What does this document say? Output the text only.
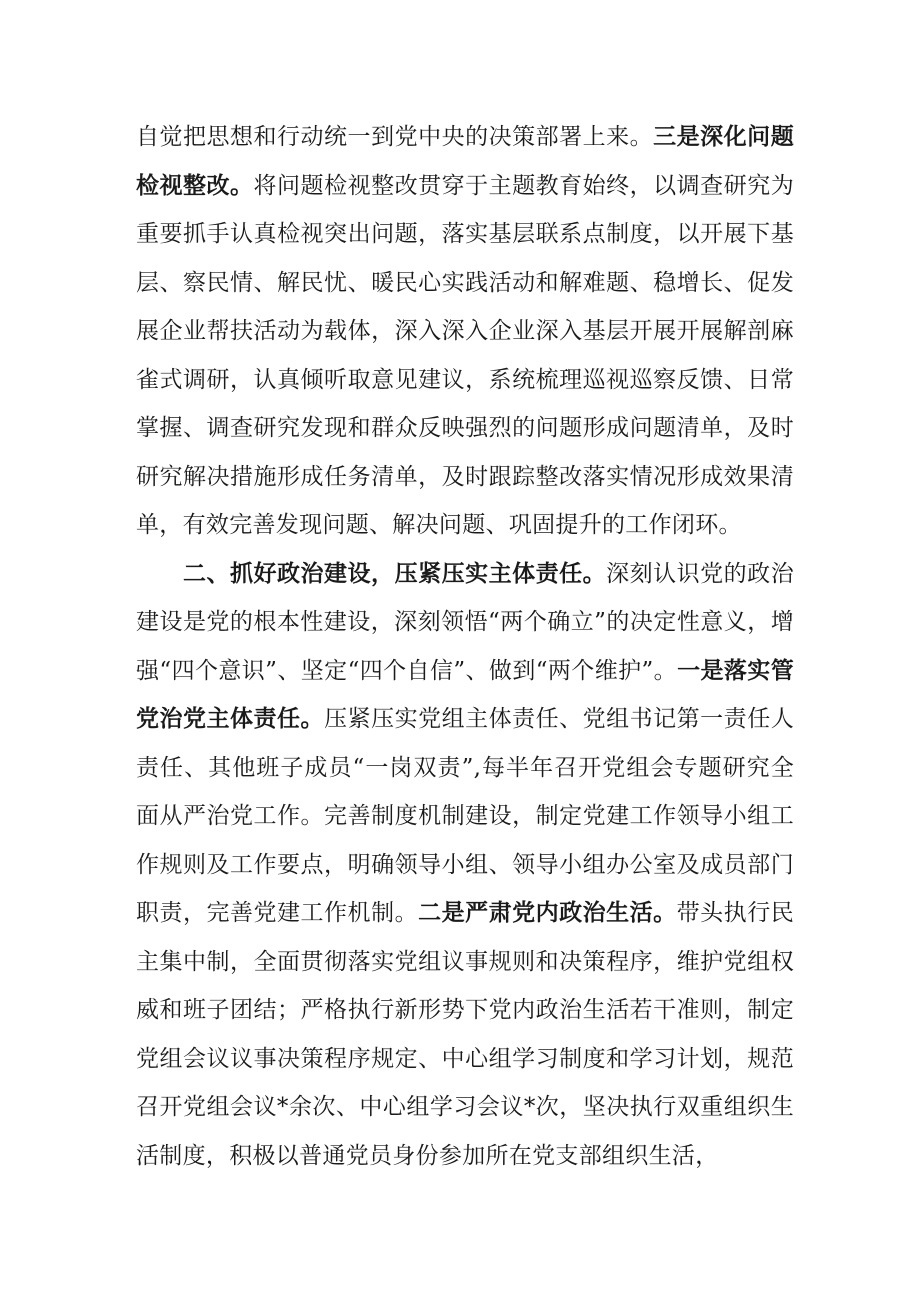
自觉把思想和行动统一到党中央的决策部署上来。三是深化问题检视整改。将问题检视整改贯穿于主题教育始终，以调查研究为重要抓手认真检视突出问题，落实基层联系点制度，以开展下基层、察民情、解民忧、暖民心实践活动和解难题、稳增长、促发展企业帮扶活动为载体，深入深入企业深入基层开展开展解剖麻雀式调研，认真倾听取意见建议，系统梳理巡视巡察反馈、日常掌握、调查研究发现和群众反映强烈的问题形成问题清单，及时研究解决措施形成任务清单，及时跟踪整改落实情况形成效果清单，有效完善发现问题、解决问题、巩固提升的工作闭环。

二、抓好政治建设，压紧压实主体责任。深刻认识党的政治建设是党的根本性建设，深刻领悟“两个确立”的决定性意义，增强“四个意识”、坚定“四个自信”、做到“两个维护”。一是落实管党治党主体责任。压紧压实党组主体责任、党组书记第一责任人责任、其他班子成员“一岗双责”,每半年召开党组会专题研究全面从严治党工作。完善制度机制建设，制定党建工作领导小组工作规则及工作要点，明确领导小组、领导小组办公室及成员部门职责，完善党建工作机制。二是严肃党内政治生活。带头执行民主集中制，全面贯彻落实党组议事规则和决策程序，维护党组权威和班子团结；严格执行新形势下党内政治生活若干准则，制定党组会议议事决策程序规定、中心组学习制度和学习计划，规范召开党组会议*余次、中心组学习会议*次，坚决执行双重组织生活制度，积极以普通党员身份参加所在党支部组织生活，
